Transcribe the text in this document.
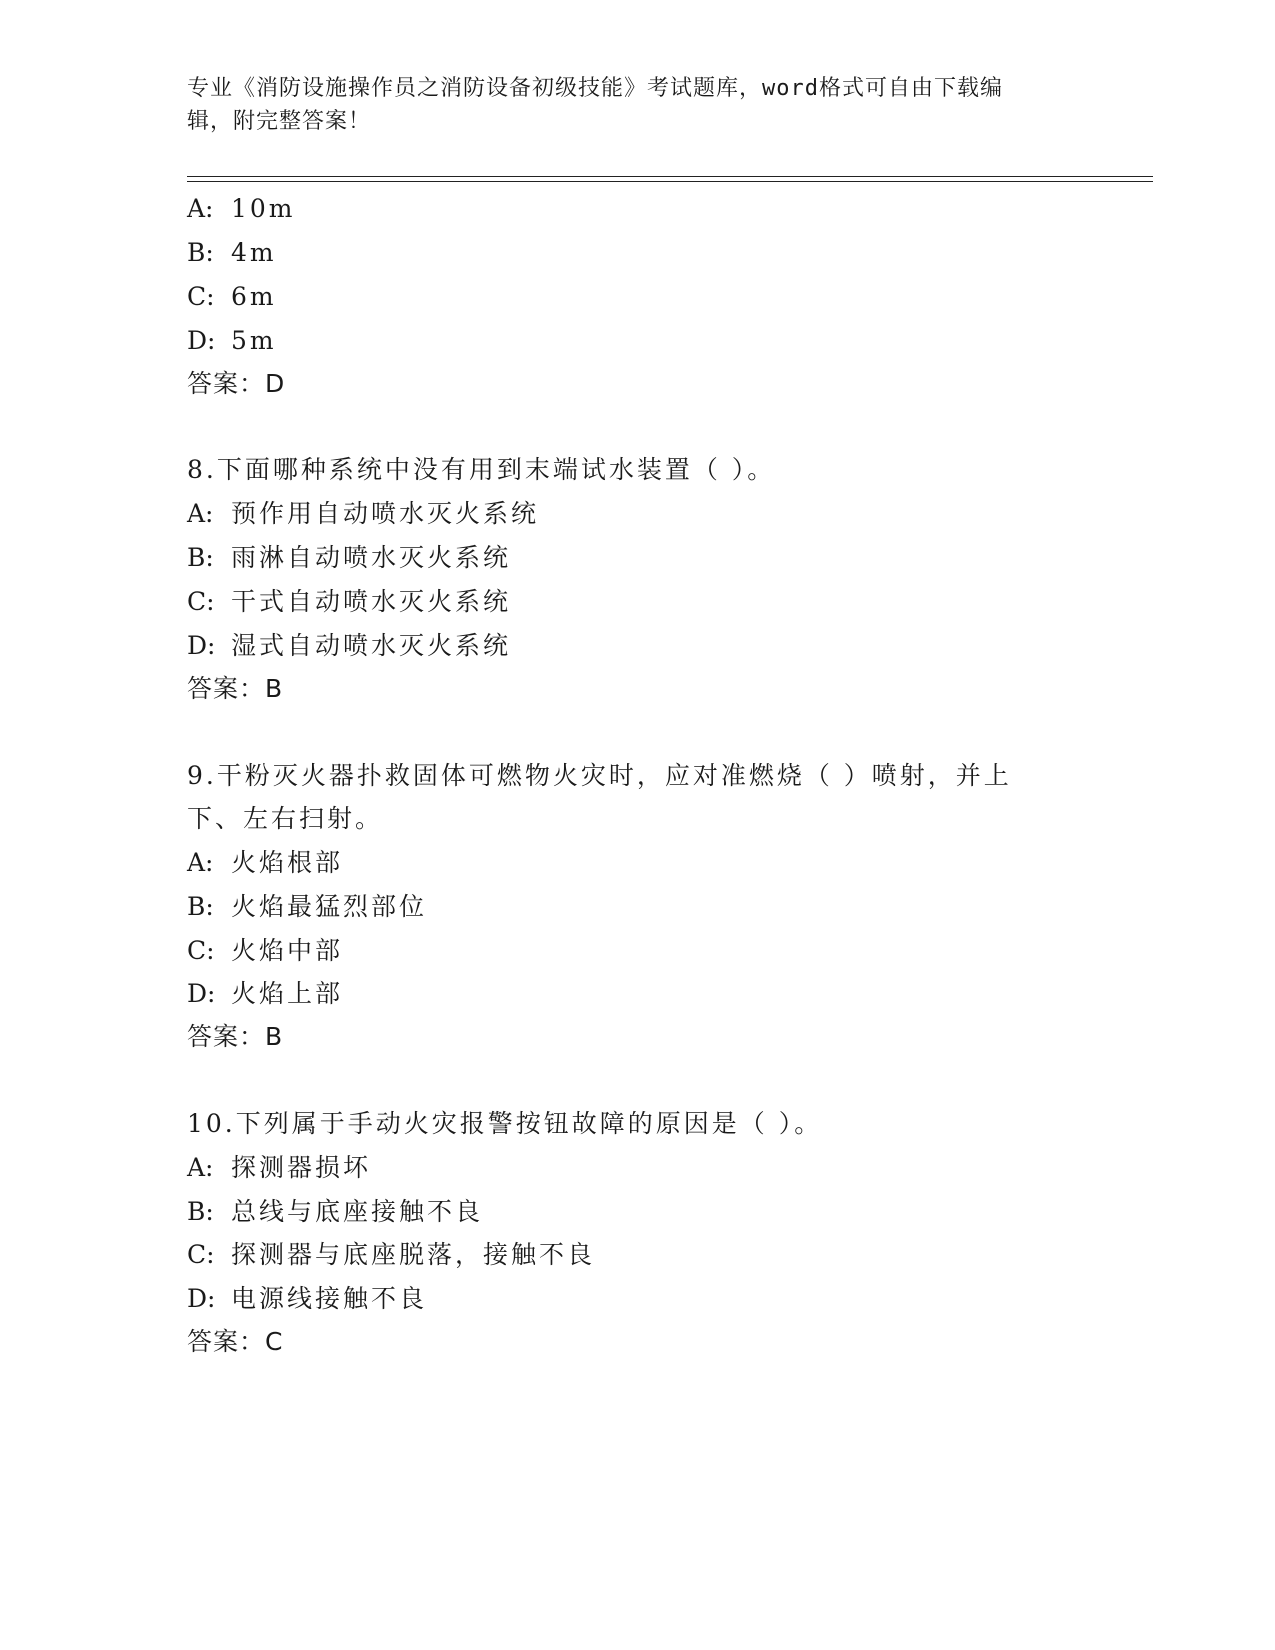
专业《消防设施操作员之消防设备初级技能》考试题库，word格式可自由下载编
辑，附完整答案！
A: 10m
B: 4m
C: 6m
D: 5m
答案：D
8.下面哪种系统中没有用到末端试水装置（ ）。
A: 预作用自动喷水灭火系统
B: 雨淋自动喷水灭火系统
C: 干式自动喷水灭火系统
D: 湿式自动喷水灭火系统
答案：B
9.干粉灭火器扑救固体可燃物火灾时，应对准燃烧（ ）喷射，并上
下、左右扫射。
A: 火焰根部
B: 火焰最猛烈部位
C: 火焰中部
D: 火焰上部
答案：B
10.下列属于手动火灾报警按钮故障的原因是（ ）。
A: 探测器损坏
B: 总线与底座接触不良
C: 探测器与底座脱落，接触不良
D: 电源线接触不良
答案：C
